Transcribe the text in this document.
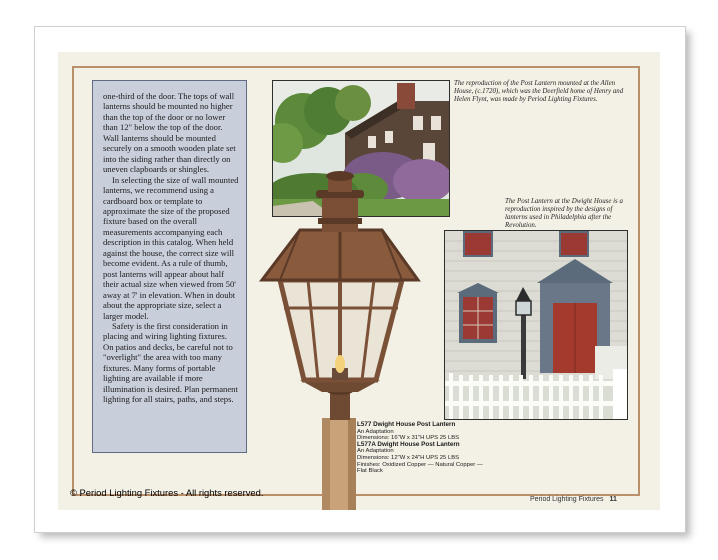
one-third of the door. The tops of wall lanterns should be mounted no higher than the top of the door or no lower than 12" below the top of the door. Wall lanterns should be mounted securely on a smooth wooden plate set into the siding rather than directly on uneven clapboards or shingles.

In selecting the size of wall mounted lanterns, we recommend using a cardboard box or template to approximate the size of the proposed fixture based on the overall measurements accompanying each description in this catalog. When held against the house, the correct size will become evident. As a rule of thumb, post lanterns will appear about half their actual size when viewed from 50' away at 7' in elevation. When in doubt about the appropriate size, select a larger model.

Safety is the first consideration in placing and wiring lighting fixtures. On patios and decks, be careful not to "overlight" the area with too many fixtures. Many forms of portable lighting are available if more illumination is desired. Plan permanent lighting for all stairs, paths, and steps.

The reproduction of the Post Lantern mounted at the Allen House, (c.1720), which was the Deerfield home of Henry and Helen Flynt, was made by Period Lighting Fixtures.
The Post Lantern at the Dwight House is a reproduction inspired by the designs of lanterns used in Philadelphia after the Revolution.
L577 Dwight House Post Lantern
An Adaptation
Dimensions: 16"W x 31"H UPS 25 LBS
L577A Dwight House Post Lantern
An Adaptation
Dimensions: 12"W x 24"H UPS 25 LBS
Finishes: Oxidized Copper — Natural Copper — Flat Black
© Period Lighting Fixtures - All rights reserved.
Period Lighting Fixtures 11
